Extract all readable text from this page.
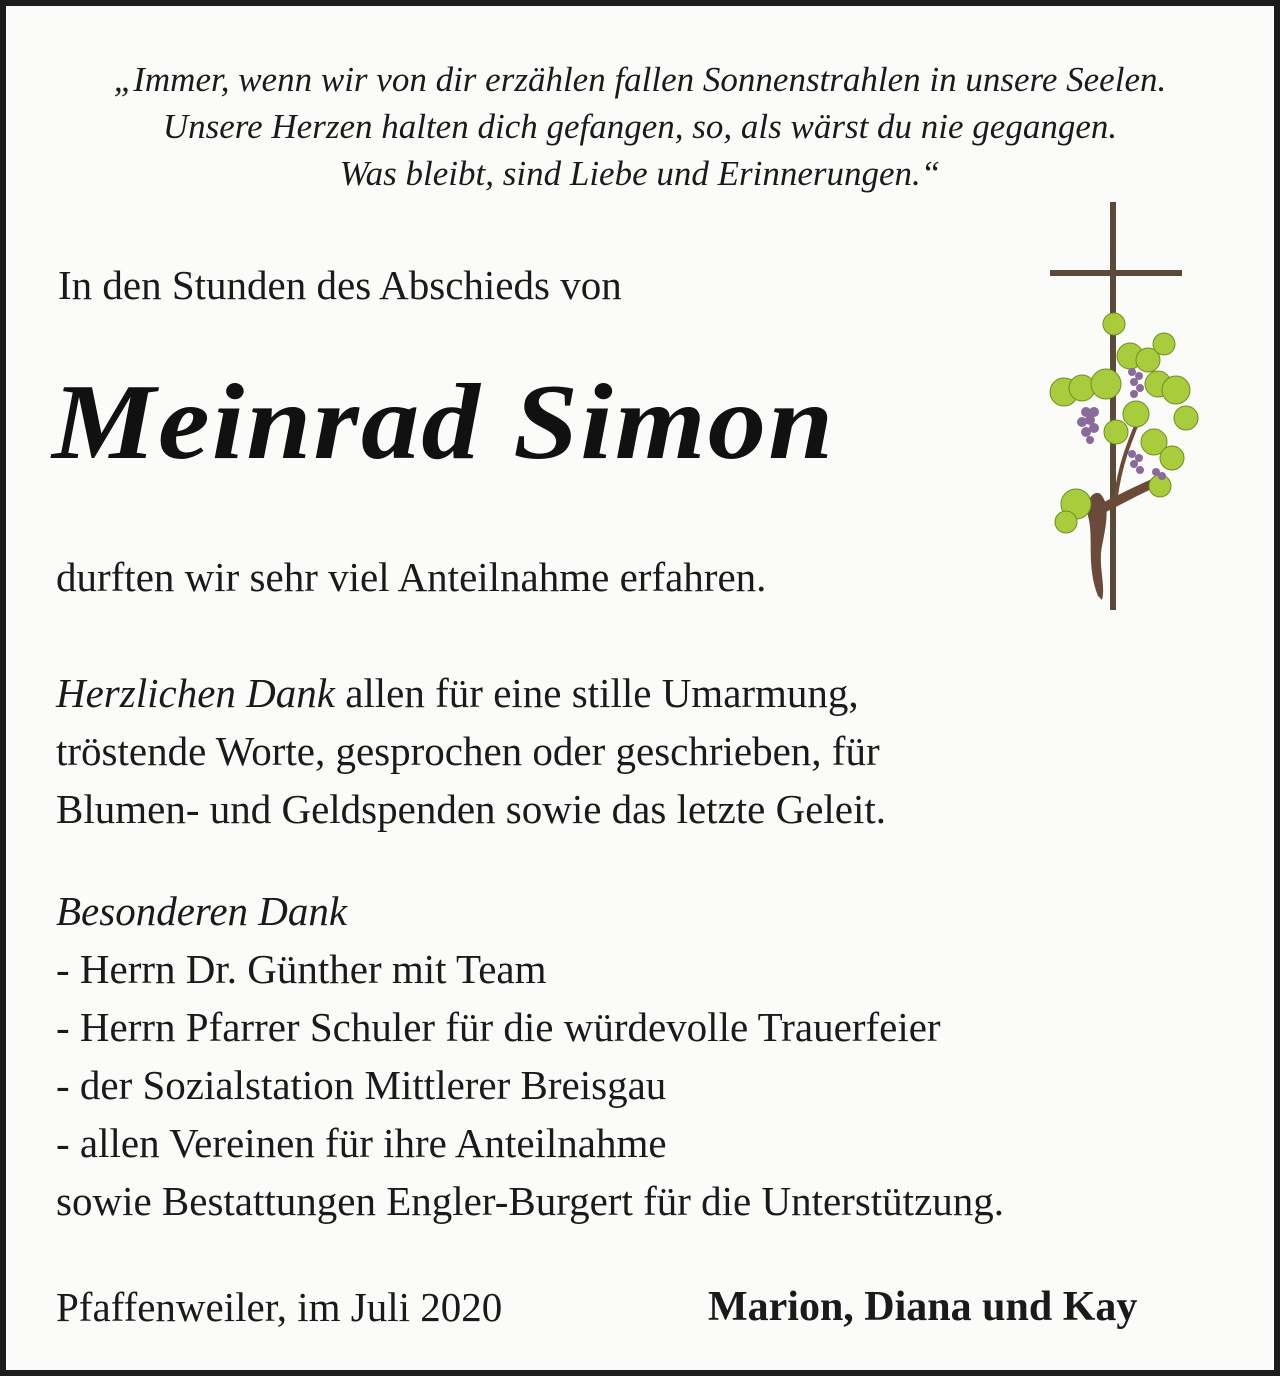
„Immer, wenn wir von dir erzählen fallen Sonnenstrahlen in unsere Seelen.
Unsere Herzen halten dich gefangen, so, als wärst du nie gegangen.
Was bleibt, sind Liebe und Erinnerungen.“
In den Stunden des Abschieds von
Meinrad Simon
durften wir sehr viel Anteilnahme erfahren.
Herzlichen Dank allen für eine stille Umarmung,
tröstende Worte, gesprochen oder geschrieben, für
Blumen- und Geldspenden sowie das letzte Geleit.
Besonderen Dank
- Herrn Dr. Günther mit Team
- Herrn Pfarrer Schuler für die würdevolle Trauerfeier
- der Sozialstation Mittlerer Breisgau
- allen Vereinen für ihre Anteilnahme
sowie Bestattungen Engler-Burgert für die Unterstützung.
Pfaffenweiler, im Juli 2020	Marion, Diana und Kay
